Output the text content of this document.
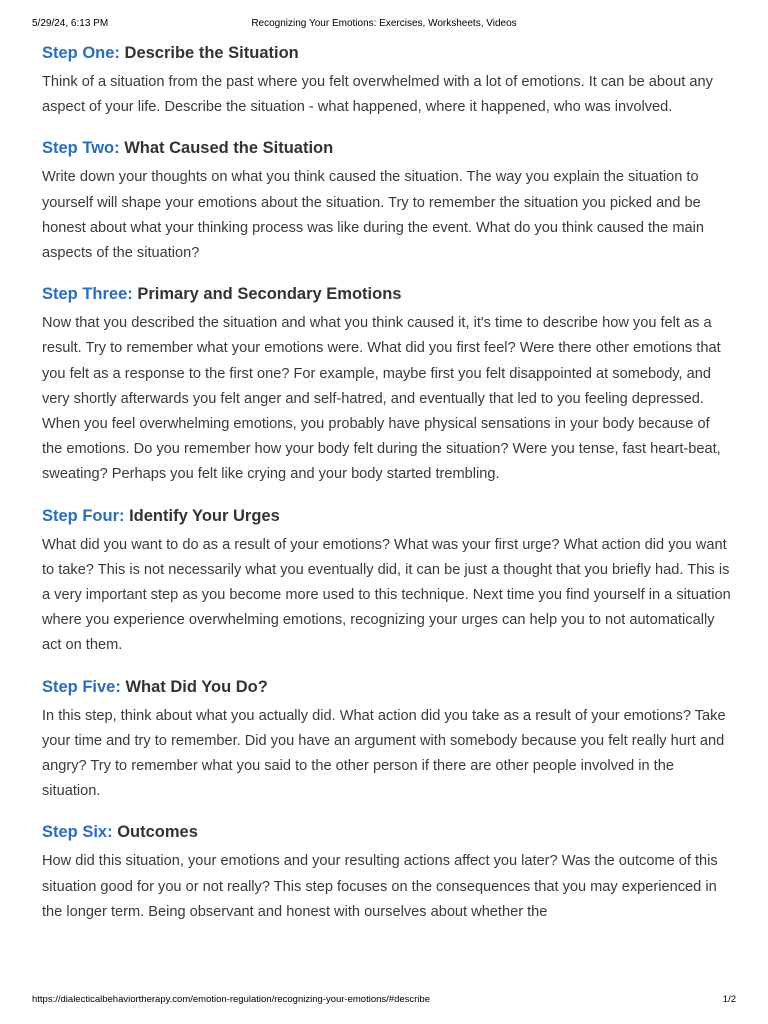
5/29/24, 6:13 PM	Recognizing Your Emotions: Exercises, Worksheets, Videos
Step One: Describe the Situation

Think of a situation from the past where you felt overwhelmed with a lot of emotions. It can be about any aspect of your life. Describe the situation - what happened, where it happened, who was involved.

Step Two: What Caused the Situation

Write down your thoughts on what you think caused the situation. The way you explain the situation to yourself will shape your emotions about the situation. Try to remember the situation you picked and be honest about what your thinking process was like during the event. What do you think caused the main aspects of the situation?

Step Three: Primary and Secondary Emotions

Now that you described the situation and what you think caused it, it's time to describe how you felt as a result. Try to remember what your emotions were. What did you first feel? Were there other emotions that you felt as a response to the first one? For example, maybe first you felt disappointed at somebody, and very shortly afterwards you felt anger and self-hatred, and eventually that led to you feeling depressed. When you feel overwhelming emotions, you probably have physical sensations in your body because of the emotions. Do you remember how your body felt during the situation? Were you tense, fast heart-beat, sweating? Perhaps you felt like crying and your body started trembling.

Step Four: Identify Your Urges

What did you want to do as a result of your emotions? What was your first urge? What action did you want to take? This is not necessarily what you eventually did, it can be just a thought that you briefly had. This is a very important step as you become more used to this technique. Next time you find yourself in a situation where you experience overwhelming emotions, recognizing your urges can help you to not automatically act on them.

Step Five: What Did You Do?

In this step, think about what you actually did. What action did you take as a result of your emotions? Take your time and try to remember. Did you have an argument with somebody because you felt really hurt and angry? Try to remember what you said to the other person if there are other people involved in the situation.

Step Six: Outcomes

How did this situation, your emotions and your resulting actions affect you later? Was the outcome of this situation good for you or not really? This step focuses on the consequences that you may experienced in the longer term. Being observant and honest with ourselves about whether the

https://dialecticalbehaviortherapy.com/emotion-regulation/recognizing-your-emotions/#describe	1/2
